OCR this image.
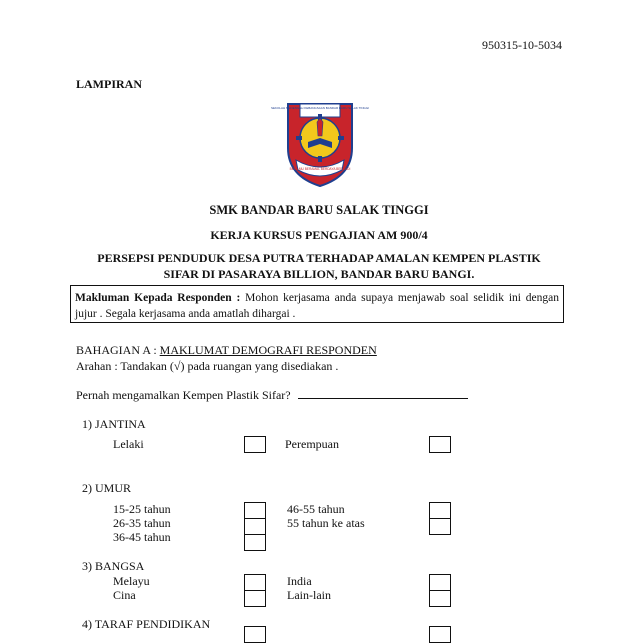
950315-10-5034
LAMPIRAN
SEKOLAH MENENGAH KEBANGSAAN BANDAR BARU SALAK TINGGI
BERILMU BERAMAL BERDAYA BERBUDI
SMK BANDAR BARU SALAK TINGGI
KERJA KURSUS PENGAJIAN AM 900/4
PERSEPSI PENDUDUK DESA PUTRA TERHADAP AMALAN KEMPEN PLASTIK
SIFAR DI PASARAYA BILLION, BANDAR BARU BANGI.
Makluman Kepada Responden : Mohon kerjasama anda supaya menjawab soal selidik ini dengan jujur . Segala kerjasama anda amatlah dihargai .
BAHAGIAN A : MAKLUMAT DEMOGRAFI RESPONDEN
Arahan : Tandakan (√) pada ruangan yang disediakan .
Pernah mengamalkan Kempen Plastik Sifar?
1) JANTINA
Lelaki	Perempuan
2) UMUR
15-25 tahun
26-35 tahun
36-45 tahun
46-55 tahun
55 tahun ke atas
3) BANGSA
Melayu
Cina
India
Lain-lain
4) TARAF PENDIDIKAN
